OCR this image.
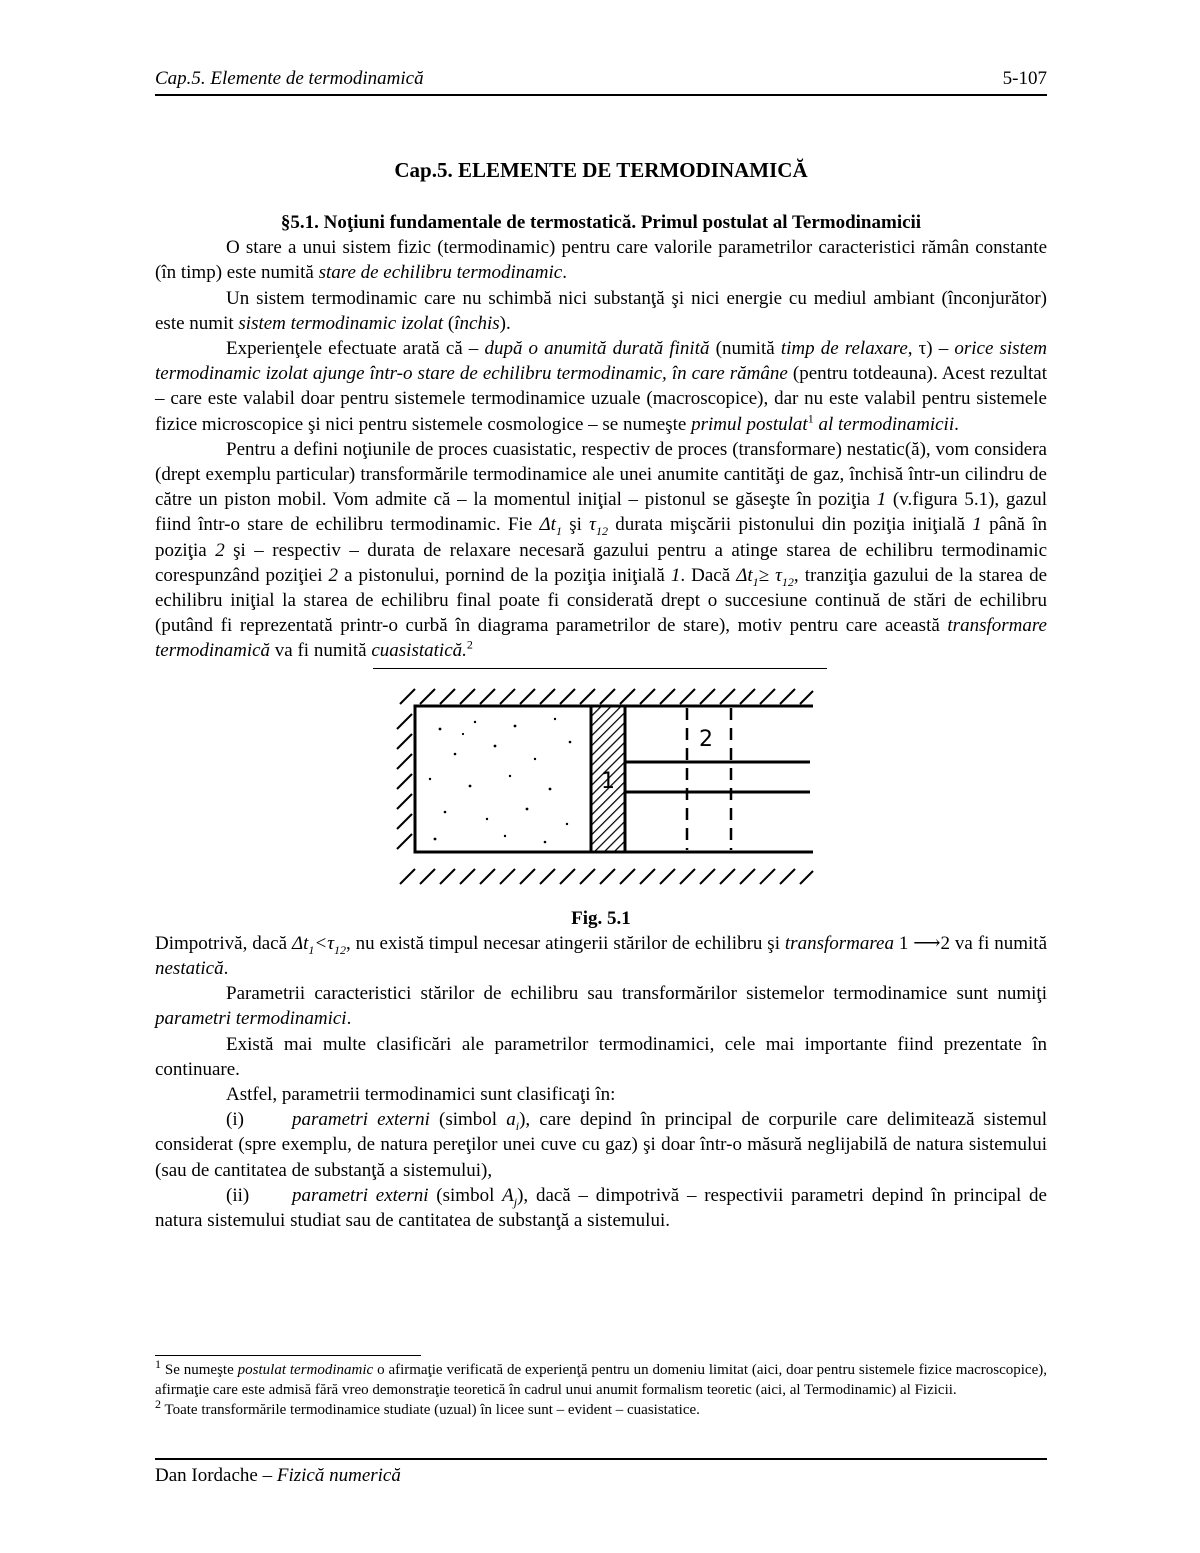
Cap.5. Elemente de termodinamică	5-107
Cap.5. ELEMENTE DE TERMODINAMICĂ

§5.1. Noţiuni fundamentale de termostatică. Primul postulat al Termodinamicii

O stare a unui sistem fizic (termodinamic) pentru care valorile parametrilor caracteristici rămân constante (în timp) este numită stare de echilibru termodinamic.

Un sistem termodinamic care nu schimbă nici substanţă şi nici energie cu mediul ambiant (înconjurător) este numit sistem termodinamic izolat (închis).

Experienţele efectuate arată că – după o anumită durată finită (numită timp de relaxare, τ) – orice sistem termodinamic izolat ajunge într-o stare de echilibru termodinamic, în care rămâne (pentru totdeauna). Acest rezultat – care este valabil doar pentru sistemele termodinamice uzuale (macroscopice), dar nu este valabil pentru sistemele fizice microscopice şi nici pentru sistemele cosmologice – se numeşte primul postulat$^1$ al termodinamicii.

Pentru a defini noţiunile de proces cuasistatic, respectiv de proces (transformare) nestatic(ă), vom considera (drept exemplu particular) transformările termodinamice ale unei anumite cantităţi de gaz, închisă într-un cilindru de către un piston mobil. Vom admite că – la momentul iniţial – pistonul se găseşte în poziţia 1 (v.figura 5.1), gazul fiind într-o stare de echilibru termodinamic. Fie $\Delta t_1$ şi $\tau_{12}$ durata mişcării pistonului din poziţia iniţială 1 până în poziţia 2 şi – respectiv – durata de relaxare necesară gazului pentru a atinge starea de echilibru termodinamic corespunzând poziţiei 2 a pistonului, pornind de la poziţia iniţială 1. Dacă $\Delta t_1\ge \tau_{12}$, tranziţia gazului de la starea de echilibru iniţial la starea de echilibru final poate fi considerată drept o succesiune continuă de stări de echilibru (putând fi reprezentată printr-o curbă în diagrama parametrilor de stare), motiv pentru care această transformare termodinamică va fi numită cuasistatică.$^2$

1
2

Fig. 5.1

Dimpotrivă, dacă $\Delta t_1<\tau_{12}$, nu există timpul necesar atingerii stărilor de echilibru şi transformarea 1 ⟶2 va fi numită nestatică.

Parametrii caracteristici stărilor de echilibru sau transformărilor sistemelor termodinamice sunt numiţi parametri termodinamici.

Există mai multe clasificări ale parametrilor termodinamici, cele mai importante fiind prezentate în continuare.

Astfel, parametrii termodinamici sunt clasificaţi în:

(i)	parametri externi (simbol $a_i$), care depind în principal de corpurile care delimitează sistemul considerat (spre exemplu, de natura pereţilor unei cuve cu gaz) şi doar într-o măsură neglijabilă de natura sistemului (sau de cantitatea de substanţă a sistemului),

(ii) parametri externi (simbol $A_j$), dacă – dimpotrivă – respectivii parametri depind în principal de natura sistemului studiat sau de cantitatea de substanţă a sistemului.

$^1$ Se numeşte postulat termodinamic o afirmaţie verificată de experienţă pentru un domeniu limitat (aici, doar pentru sistemele fizice macroscopice), afirmaţie care este admisă fără vreo demonstraţie teoretică în cadrul unui anumit formalism teoretic (aici, al Termodinamic) al Fizicii.

$^2$ Toate transformările termodinamice studiate (uzual) în licee sunt – evident – cuasistatice.

Dan Iordache – Fizică numerică
